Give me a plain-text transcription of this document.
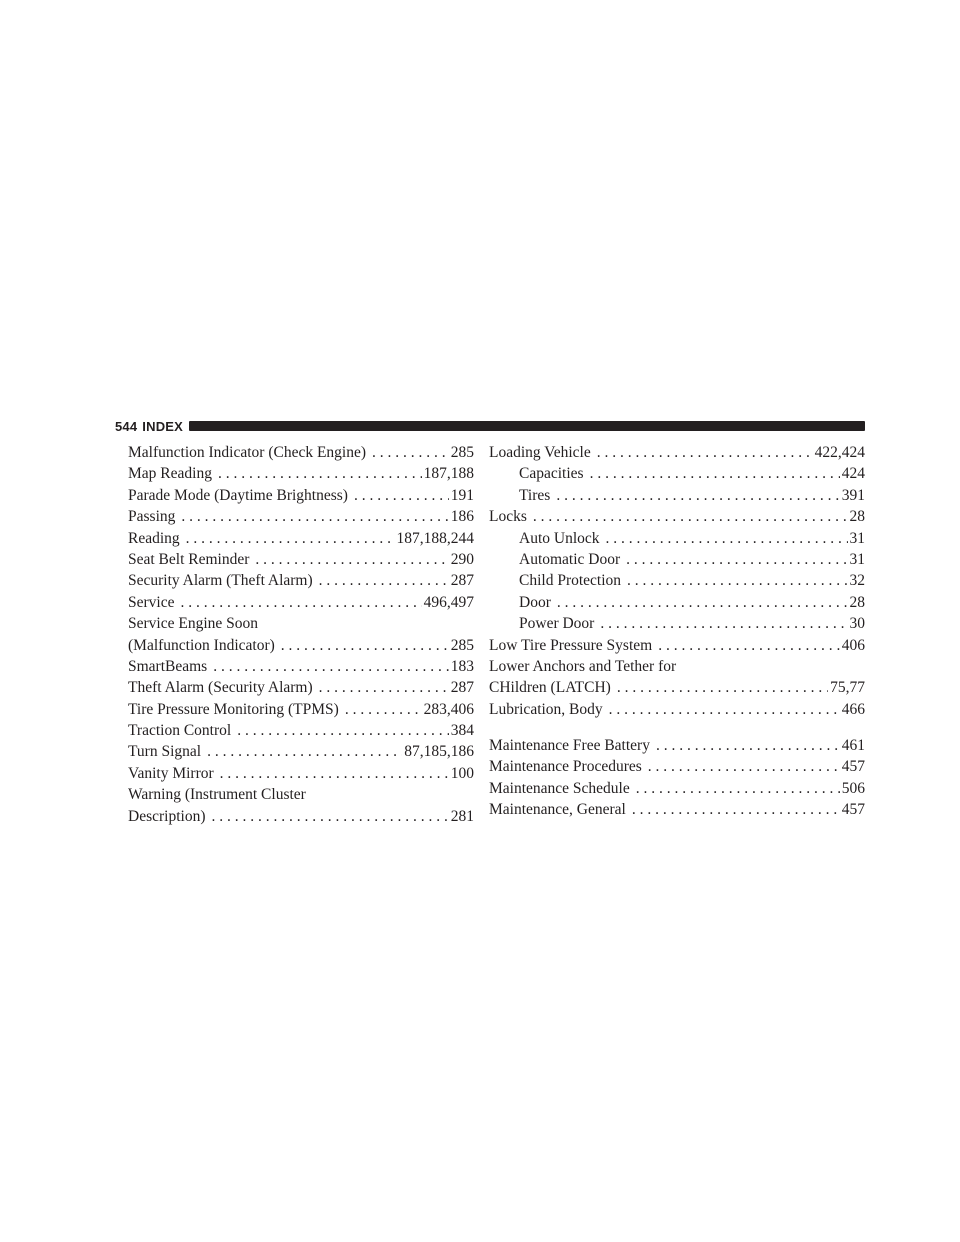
544 INDEX
Malfunction Indicator (Check Engine) . . .	285
Map Reading . . .	187,188
Parade Mode (Daytime Brightness) . . .	191
Passing . . .	186
Reading . . .	187,188,244
Seat Belt Reminder . . .	290
Security Alarm (Theft Alarm) . . .	287
Service . . .	496,497
Service Engine Soon
(Malfunction Indicator) . . .	285
SmartBeams . . .	183
Theft Alarm (Security Alarm) . . .	287
Tire Pressure Monitoring (TPMS) . . .	283,406
Traction Control . . .	384
Turn Signal . . .	87,185,186
Vanity Mirror . . .	100
Warning (Instrument Cluster
Description) . . .	281
Loading Vehicle . . .	422,424
Capacities . . .	424
Tires . . .	391
Locks . . .	28
Auto Unlock . . .	31
Automatic Door . . .	31
Child Protection . . .	32
Door . . .	28
Power Door . . .	30
Low Tire Pressure System . . .	406
Lower Anchors and Tether for
CHildren (LATCH) . . .	75,77
Lubrication, Body . . .	466
Maintenance Free Battery . . .	461
Maintenance Procedures . . .	457
Maintenance Schedule . . .	506
Maintenance, General . . .	457
